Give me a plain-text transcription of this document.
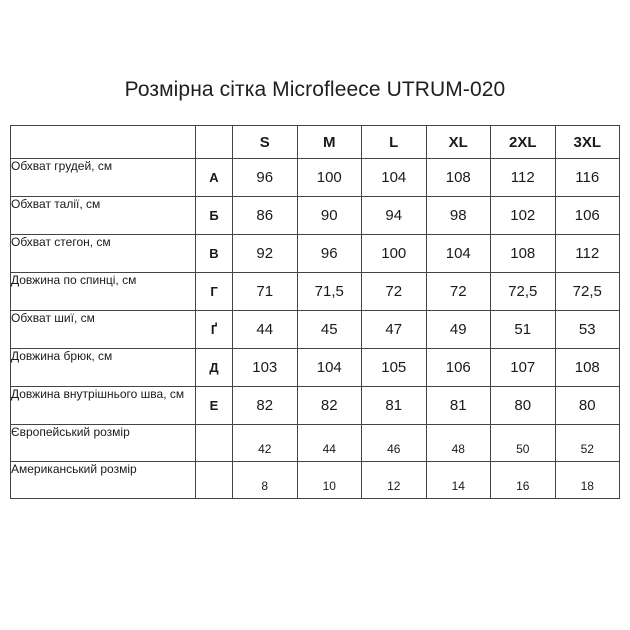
Розмірна сітка Microfleece UTRUM-020
		S	M	L	XL	2XL	3XL
Обхват грудей, см	А	96	100	104	108	112	116
Обхват талії, см	Б	86	90	94	98	102	106
Обхват стегон, см	В	92	96	100	104	108	112
Довжина по спинці, см	Г	71	71,5	72	72	72,5	72,5
Обхват шиї, см	Ґ	44	45	47	49	51	53
Довжина брюк, см	Д	103	104	105	106	107	108
Довжина внутрішнього шва, см	Е	82	82	81	81	80	80
Європейський розмір		42	44	46	48	50	52
Американський розмір		8	10	12	14	16	18
